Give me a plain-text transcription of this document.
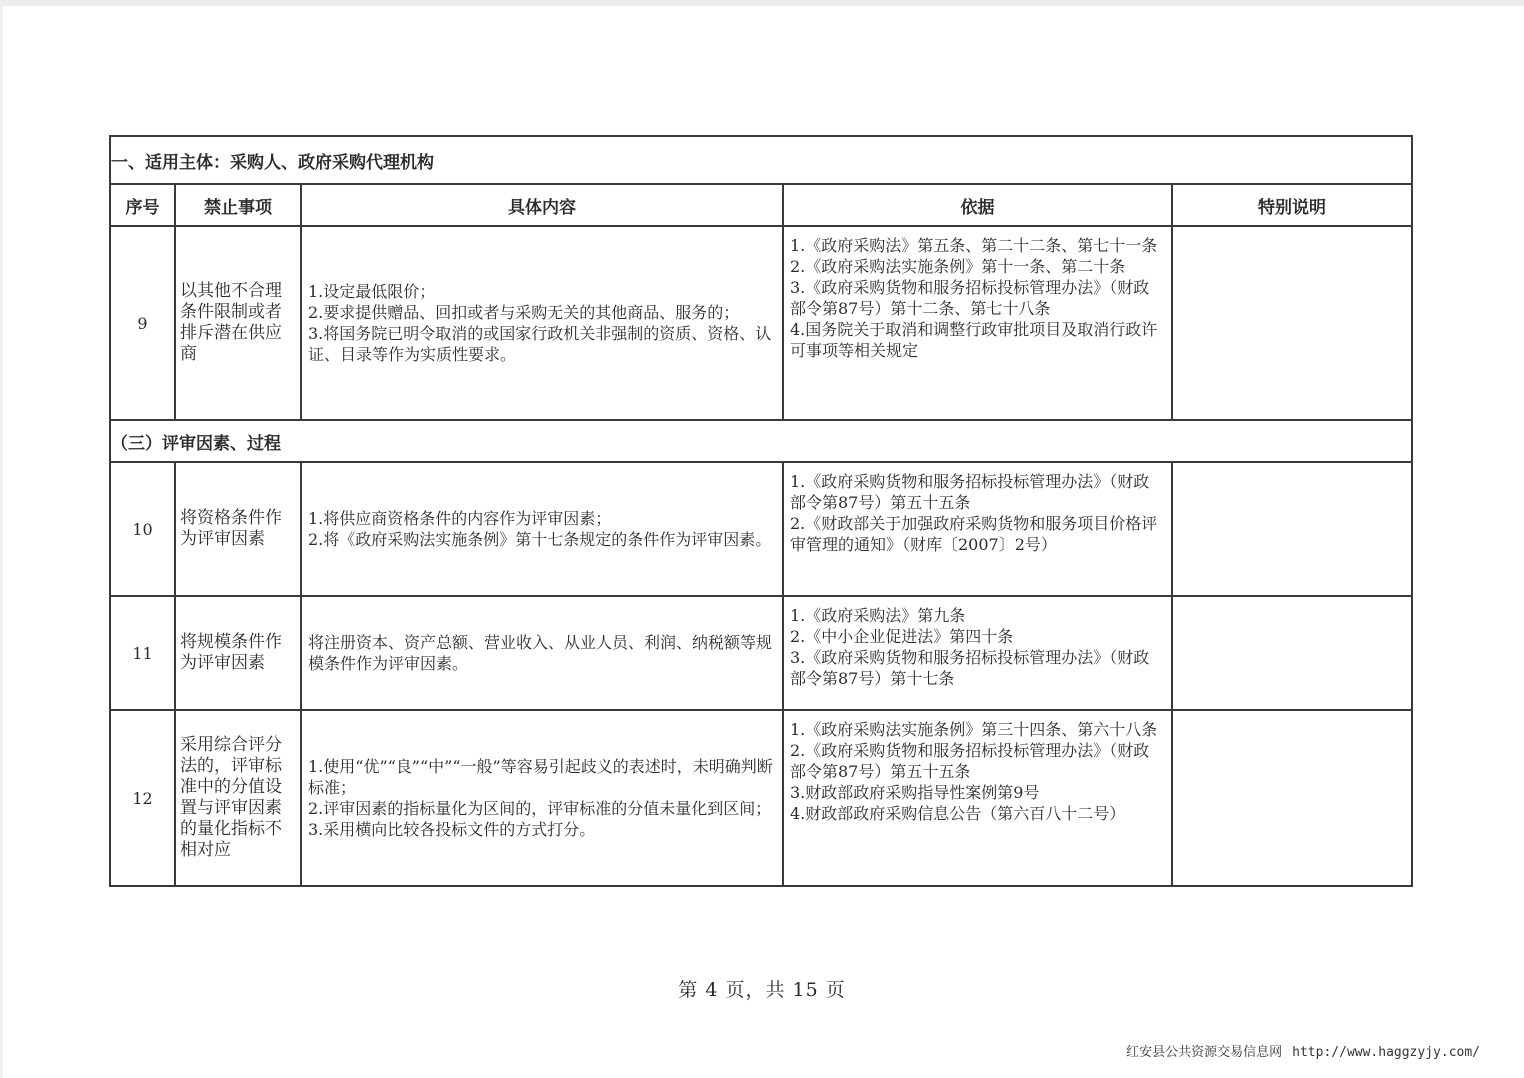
一、适用主体：采购人、政府采购代理机构				
序号	禁止事项	具体内容	依据	特别说明
9	以其他不合理条件限制或者排斥潜在供应商	1.设定最低限价；
2.要求提供赠品、回扣或者与采购无关的其他商品、服务的；
3.将国务院已明令取消的或国家行政机关非强制的资质、资格、认证、目录等作为实质性要求。	1.《政府采购法》第五条、第二十二条、第七十一条
2.《政府采购法实施条例》第十一条、第二十条
3.《政府采购货物和服务招标投标管理办法》（财政部令第87号）第十二条、第七十八条
4.国务院关于取消和调整行政审批项目及取消行政许可事项等相关规定	
（三）评审因素、过程				
10	将资格条件作为评审因素	1.将供应商资格条件的内容作为评审因素；
2.将《政府采购法实施条例》第十七条规定的条件作为评审因素。	1.《政府采购货物和服务招标投标管理办法》（财政部令第87号）第五十五条
2.《财政部关于加强政府采购货物和服务项目价格评审管理的通知》（财库〔2007〕2号）	
11	将规模条件作为评审因素	将注册资本、资产总额、营业收入、从业人员、利润、纳税额等规模条件作为评审因素。	1.《政府采购法》第九条
2.《中小企业促进法》第四十条
3.《政府采购货物和服务招标投标管理办法》（财政部令第87号）第十七条	
12	采用综合评分法的，评审标准中的分值设置与评审因素的量化指标不相对应	1.使用“优”“良”“中”“一般”等容易引起歧义的表述时，未明确判断标准；
2.评审因素的指标量化为区间的，评审标准的分值未量化到区间；
3.采用横向比较各投标文件的方式打分。	1.《政府采购法实施条例》第三十四条、第六十八条
2.《政府采购货物和服务招标投标管理办法》（财政部令第87号）第五十五条
3.财政部政府采购指导性案例第9号
4.财政部政府采购信息公告（第六百八十二号）	
第 4 页，共 15 页
红安县公共资源交易信息网 http://www.haggzyjy.com/
